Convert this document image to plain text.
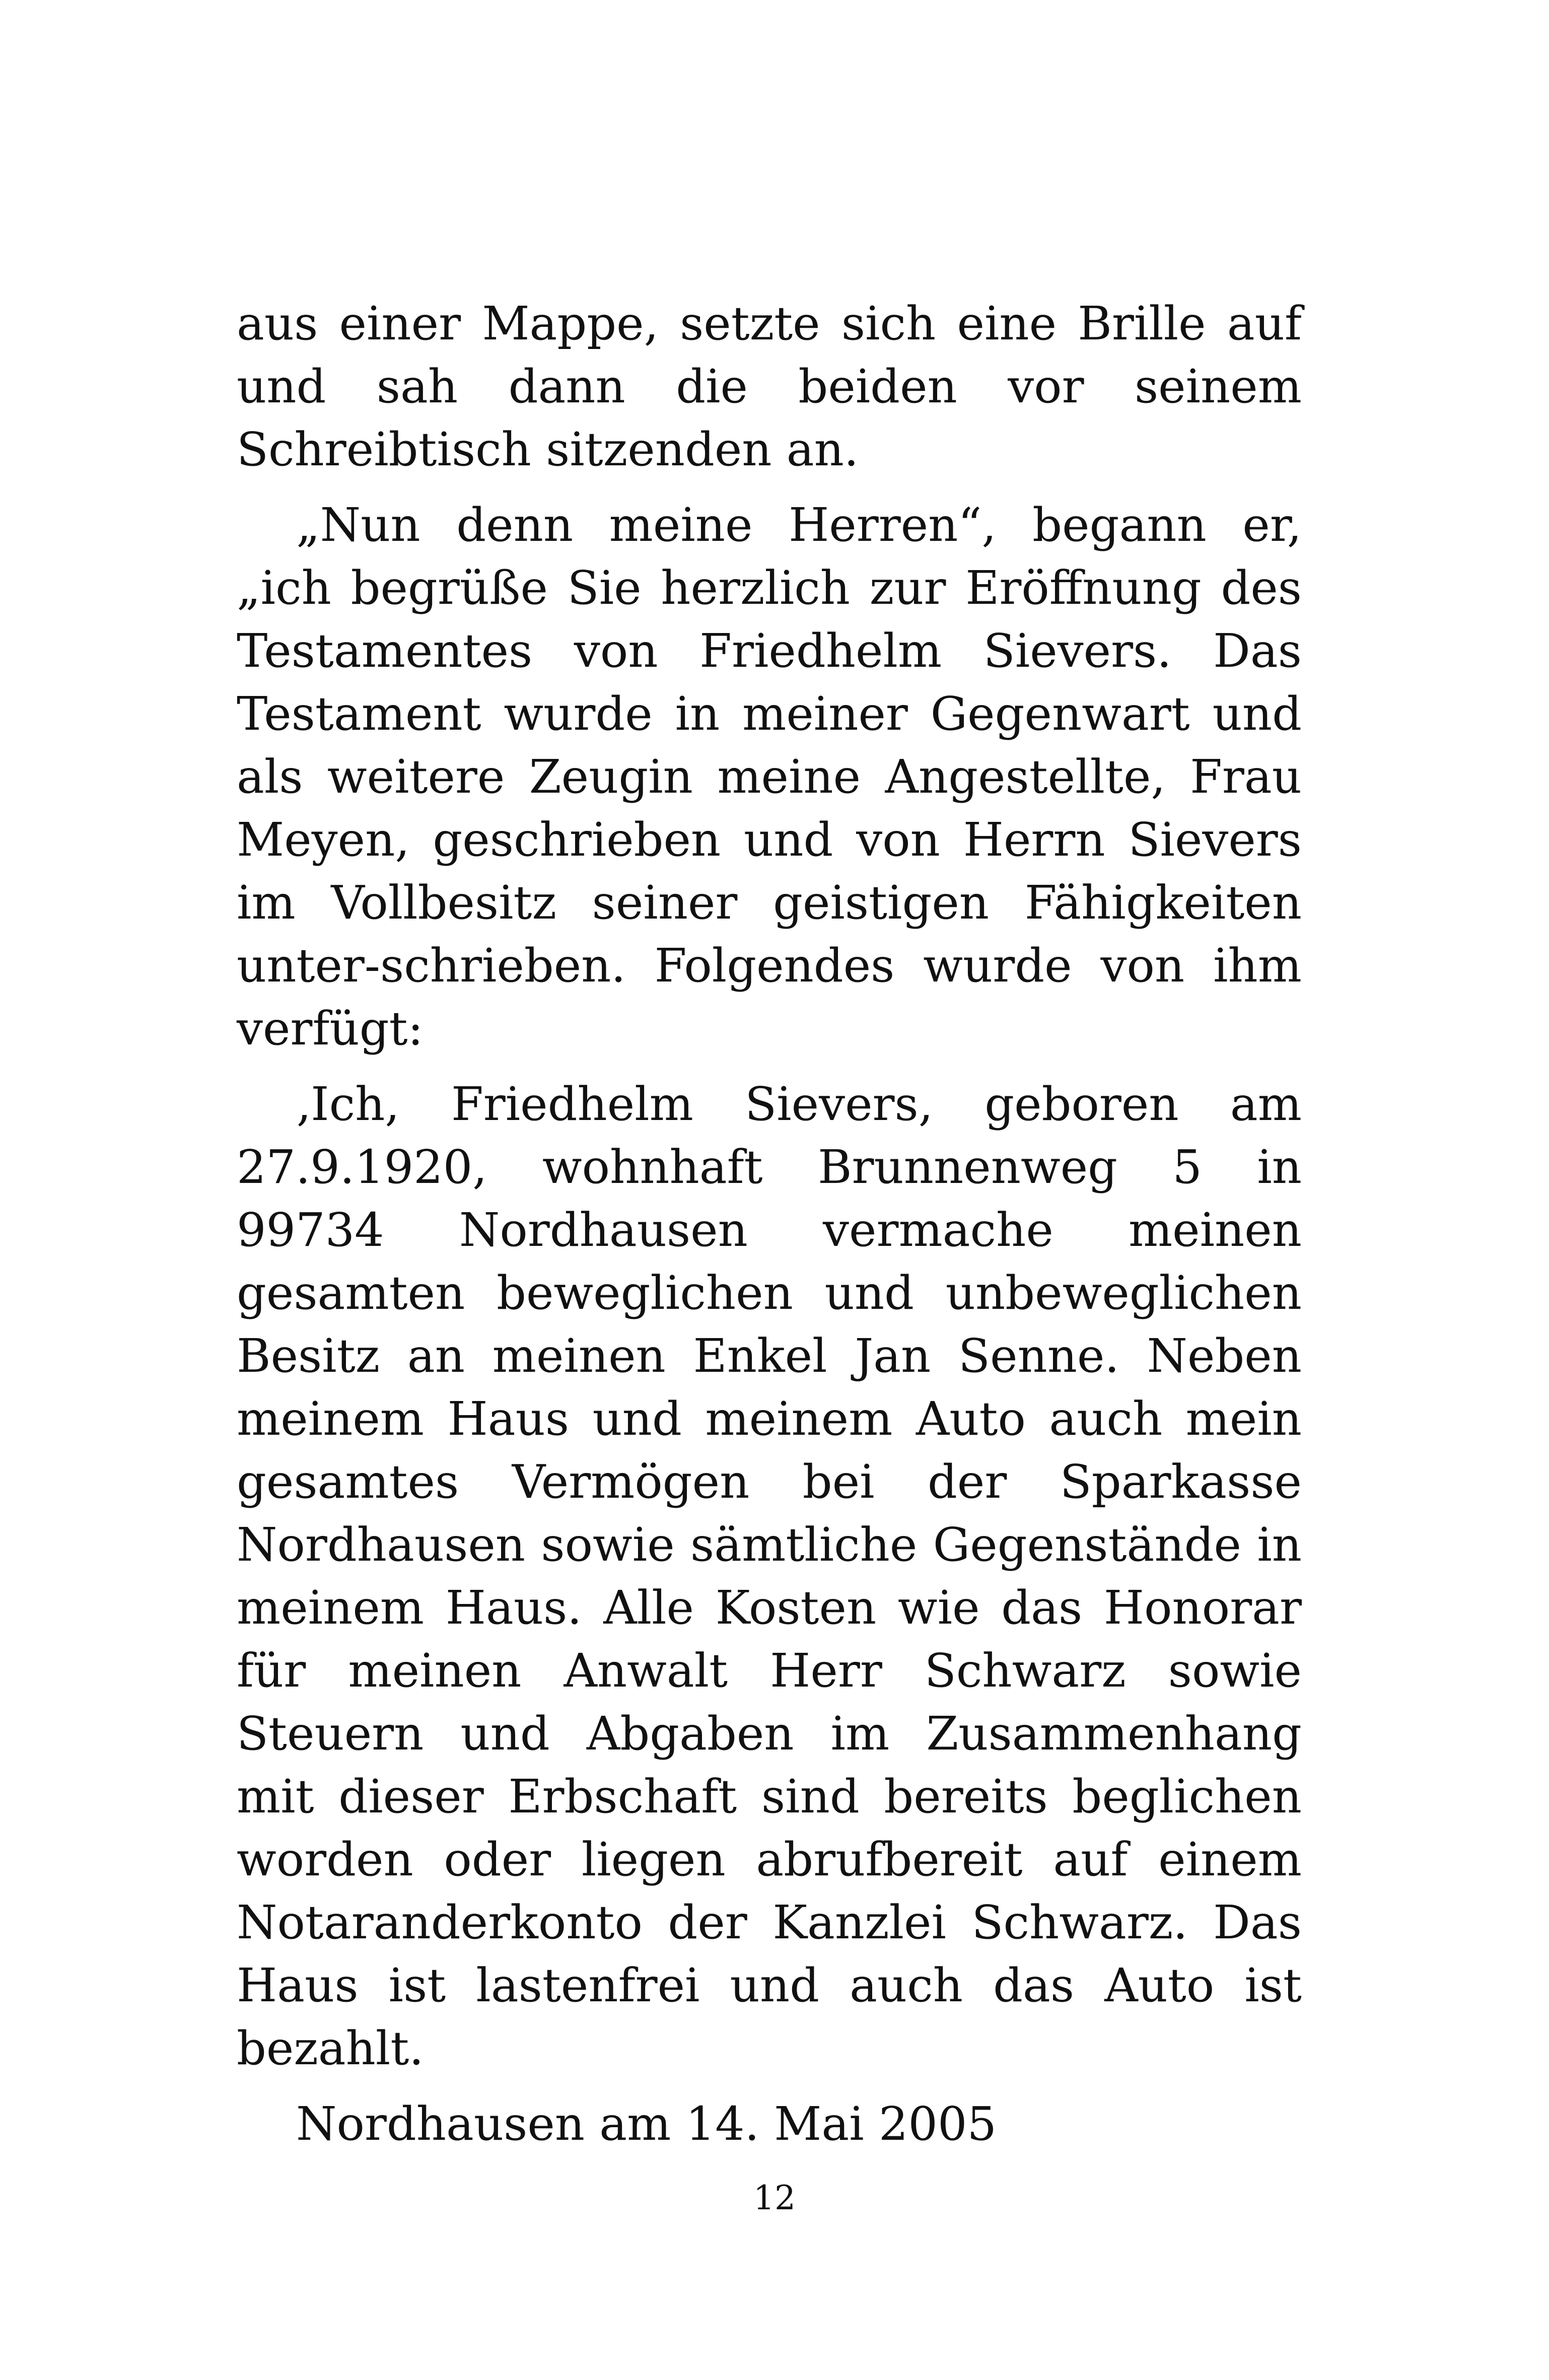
aus einer Mappe, setzte sich eine Brille auf und sah dann die beiden vor seinem Schreibtisch sitzenden an.

„Nun denn meine Herren“, begann er, „ich begrüße Sie herzlich zur Eröffnung des Testamentes von Friedhelm Sievers. Das Testament wurde in meiner Gegenwart und als weitere Zeugin meine Angestellte, Frau Meyen, geschrieben und von Herrn Sievers im Vollbesitz seiner geistigen Fähigkeiten unter-schrieben. Folgendes wurde von ihm verfügt:

‚Ich, Friedhelm Sievers, geboren am 27.9.1920, wohnhaft Brunnenweg 5 in 99734 Nordhausen vermache meinen gesamten beweglichen und unbeweglichen Besitz an meinen Enkel Jan Senne. Neben meinem Haus und meinem Auto auch mein gesamtes Vermögen bei der Sparkasse Nordhausen sowie sämtliche Gegenstände in meinem Haus. Alle Kosten wie das Honorar für meinen Anwalt Herr Schwarz sowie Steuern und Abgaben im Zusammenhang mit dieser Erbschaft sind bereits beglichen worden oder liegen abrufbereit auf einem Notaranderkonto der Kanzlei Schwarz. Das Haus ist lastenfrei und auch das Auto ist bezahlt.

Nordhausen am 14. Mai 2005

12
